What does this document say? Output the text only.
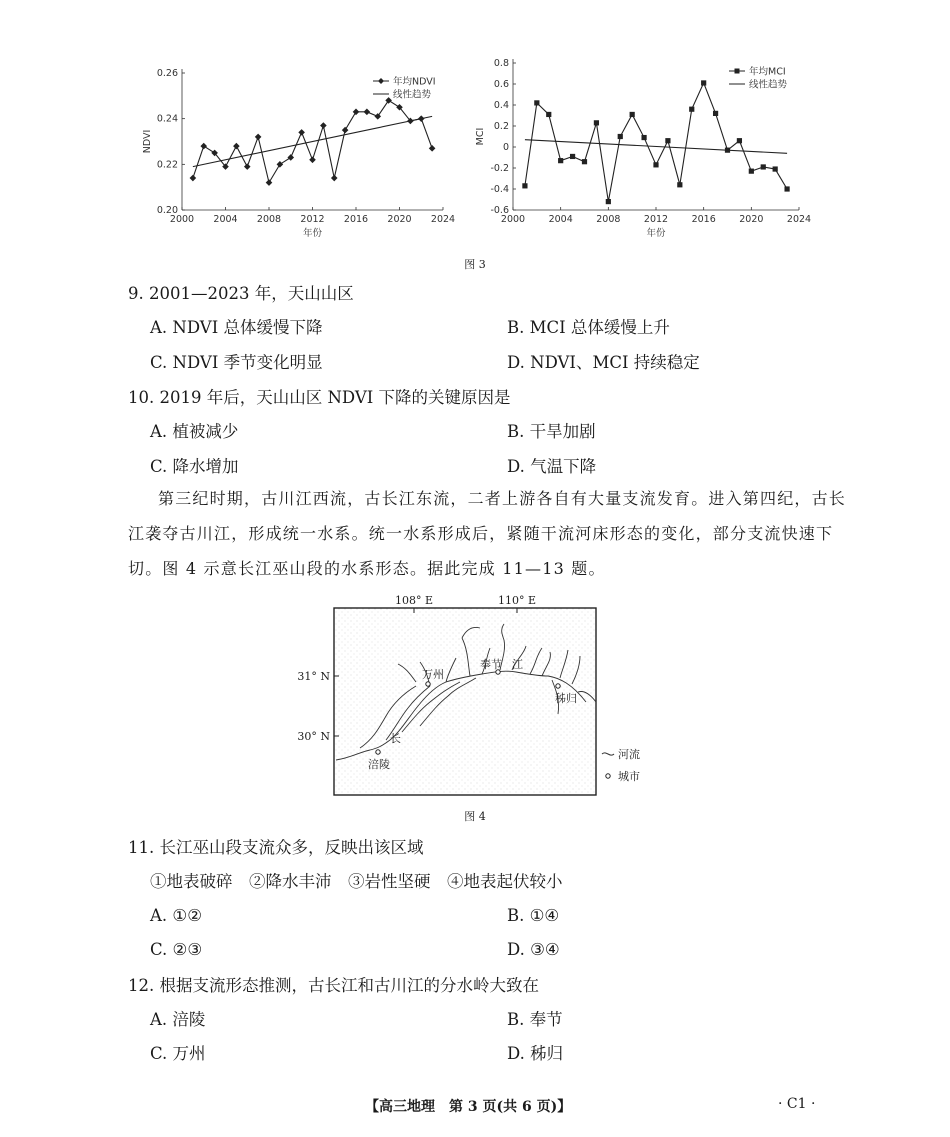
2000 2004 2008 2012 2016 2020 2024
0.20
0.22
0.24
0.26
年份
NDVI
年均NDVI
线性趋势
2000 2004 2008 2012 2016 2020 2024
0.8
0.6
0.4
0.2
0
-0.2
-0.4
-0.6
年份
MCI
年均MCI
线性趋势
图 3
9. 2001—2023 年，天山山区
A. NDVI 总体缓慢下降	B. MCI 总体缓慢上升
C. NDVI 季节变化明显	D. NDVI、MCI 持续稳定
10. 2019 年后，天山山区 NDVI 下降的关键原因是
A. 植被减少	B. 干旱加剧
C. 降水增加	D. 气温下降
第三纪时期，古川江西流，古长江东流，二者上游各自有大量支流发育。进入第四纪，古长
江袭夺古川江，形成统一水系。统一水系形成后，紧随干流河床形态的变化，部分支流快速下
切。图 4 示意长江巫山段的水系形态。据此完成 11—13 题。
108° E	110° E
31° N
30° N
万州
奉节 江
秭归
长
涪陵
河流
城市
图 4
11. 长江巫山段支流众多，反映出该区域
①地表破碎　②降水丰沛　③岩性坚硬　④地表起伏较小
A. ①②	B. ①④
C. ②③	D. ③④
12. 根据支流形态推测，古长江和古川江的分水岭大致在
A. 涪陵	B. 奉节
C. 万州	D. 秭归
【高三地理　第 3 页(共 6 页)】	· C1 ·
